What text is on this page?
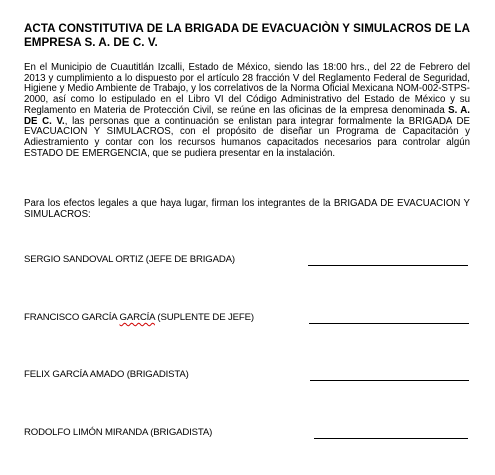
ACTA CONSTITUTIVA DE LA BRIGADA DE EVACUACIÒN Y SIMULACROS DE LA EMPRESA S. A. DE C. V.

En el Municipio de Cuautitlán Izcalli, Estado de México, siendo las 18:00 hrs., del 22 de Febrero del 2013 y cumplimiento a lo dispuesto por el artículo 28 fracción V del Reglamento Federal de Seguridad, Higiene y Medio Ambiente de Trabajo, y los correlativos de la Norma Oficial Mexicana NOM-002-STPS-2000, así como lo estipulado en el Libro VI del Código Administrativo del Estado de México y su Reglamento en Materia de Protección Civil, se reúne en las oficinas de la empresa denominada S. A. DE C. V., las personas que a continuación se enlistan para integrar formalmente la BRIGADA DE EVACUACION Y SIMULACROS, con el propósito de diseñar un Programa de Capacitación y Adiestramiento y contar con los recursos humanos capacitados necesarios para controlar algún ESTADO DE EMERGENCIA, que se pudiera presentar en la instalación.

Para los efectos legales a que haya lugar, firman los integrantes de la BRIGADA DE EVACUACION Y SIMULACROS:

SERGIO SANDOVAL ORTIZ (JEFE DE BRIGADA)
FRANCISCO GARCÍA GARCÍA (SUPLENTE DE JEFE)
FELIX GARCÍA AMADO (BRIGADISTA)
RODOLFO LIMÓN MIRANDA (BRIGADISTA)
